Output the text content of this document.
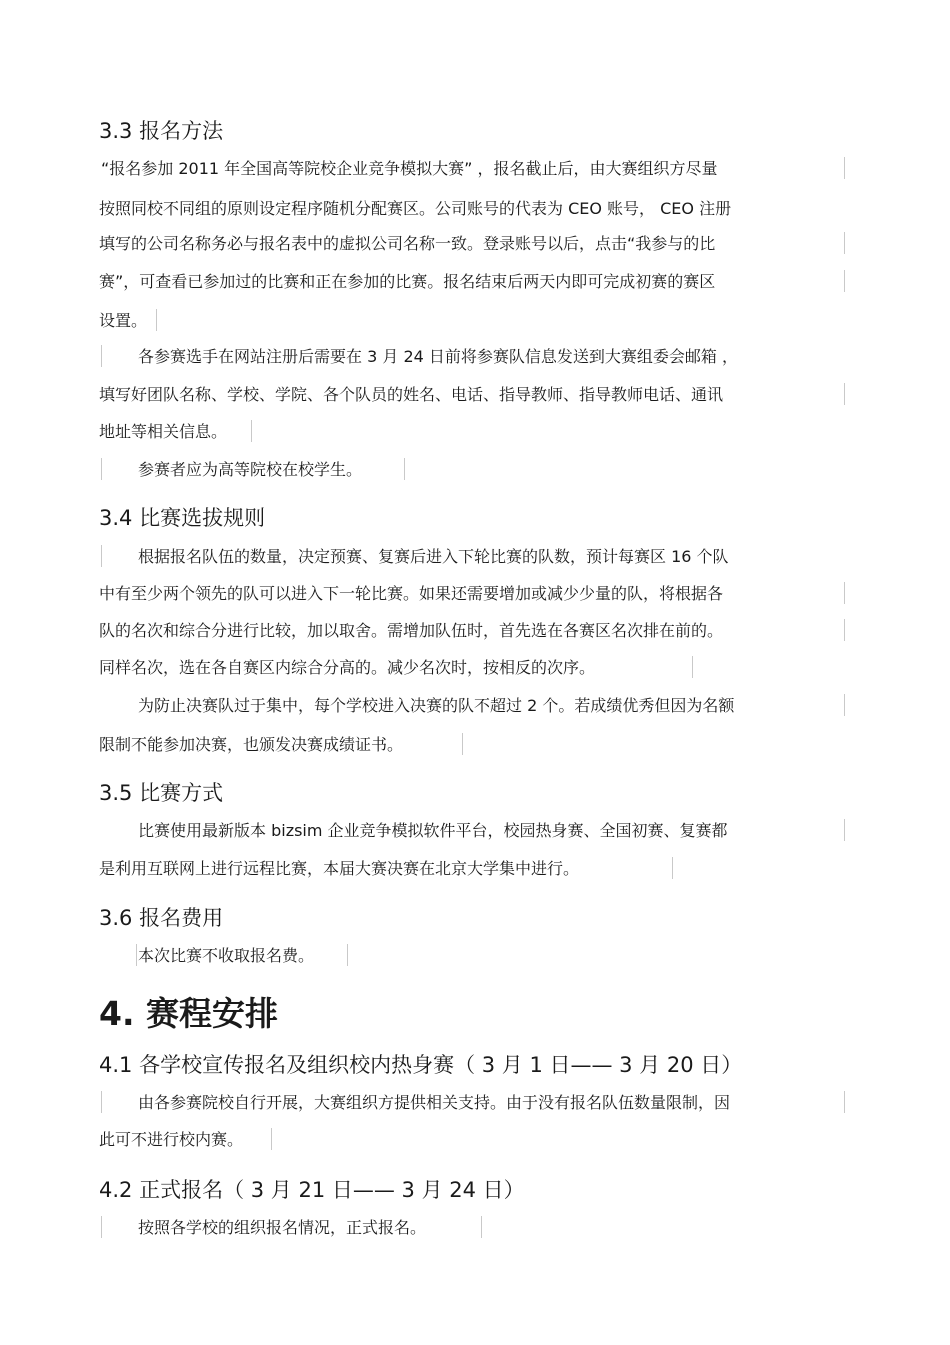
3.3 报名方法
“报名参加 2011 年全国高等院校企业竞争模拟大赛” ，报名截止后，由大赛组织方尽量
按照同校不同组的原则设定程序随机分配赛区。公司账号的代表为 CEO 账号， CEO 注册
填写的公司名称务必与报名表中的虚拟公司名称一致。登录账号以后，点击“我参与的比
赛”，可查看已参加过的比赛和正在参加的比赛。报名结束后两天内即可完成初赛的赛区
设置。
各参赛选手在网站注册后需要在 3 月 24 日前将参赛队信息发送到大赛组委会邮箱 ，
填写好团队名称、学校、学院、各个队员的姓名、电话、指导教师、指导教师电话、通讯
地址等相关信息。
参赛者应为高等院校在校学生。
3.4 比赛选拔规则
根据报名队伍的数量，决定预赛、复赛后进入下轮比赛的队数，预计每赛区 16 个队
中有至少两个领先的队可以进入下一轮比赛。如果还需要增加或减少少量的队，将根据各
队的名次和综合分进行比较，加以取舍。需增加队伍时，首先选在各赛区名次排在前的。
同样名次，选在各自赛区内综合分高的。减少名次时，按相反的次序。
为防止决赛队过于集中，每个学校进入决赛的队不超过 2 个。若成绩优秀但因为名额
限制不能参加决赛，也颁发决赛成绩证书。
3.5 比赛方式
比赛使用最新版本 bizsim 企业竞争模拟软件平台，校园热身赛、全国初赛、复赛都
是利用互联网上进行远程比赛，本届大赛决赛在北京大学集中进行。
3.6 报名费用
本次比赛不收取报名费。
4. 赛程安排
4.1 各学校宣传报名及组织校内热身赛（ 3 月 1 日—— 3 月 20 日）
由各参赛院校自行开展，大赛组织方提供相关支持。由于没有报名队伍数量限制，因
此可不进行校内赛。
4.2 正式报名（ 3 月 21 日—— 3 月 24 日）
按照各学校的组织报名情况，正式报名。
